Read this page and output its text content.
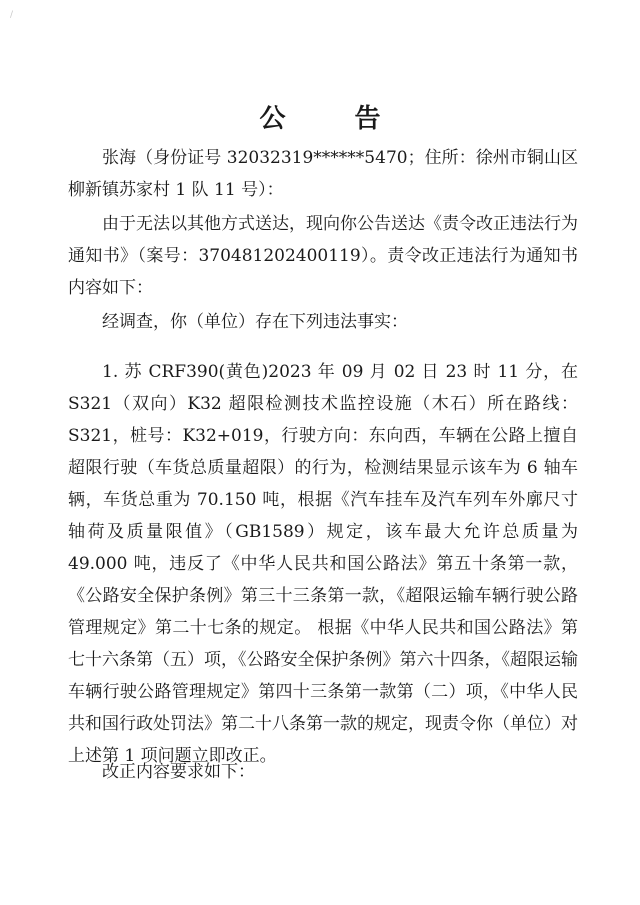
∕
公 告

张海（身份证号 32032319******5470；住所：徐州市铜山区柳新镇苏家村 1 队 11 号）：

由于无法以其他方式送达，现向你公告送达《责令改正违法行为通知书》（案号：370481202400119）。责令改正违法行为通知书内容如下：

经调查，你（单位）存在下列违法事实：

1. 苏 CRF390(黄色)2023 年 09 月 02 日 23 时 11 分，在 S321（双向）K32 超限检测技术监控设施（木石）所在路线：S321，桩号：K32+019，行驶方向：东向西，车辆在公路上擅自超限行驶（车货总质量超限）的行为，检测结果显示该车为 6 轴车辆，车货总重为 70.150 吨，根据《汽车挂车及汽车列车外廓尺寸轴荷及质量限值》（GB1589）规定，该车最大允许总质量为 49.000 吨，违反了《中华人民共和国公路法》第五十条第一款，《公路安全保护条例》第三十三条第一款，《超限运输车辆行驶公路管理规定》第二十七条的规定。 根据《中华人民共和国公路法》第七十六条第（五）项，《公路安全保护条例》第六十四条，《超限运输车辆行驶公路管理规定》第四十三条第一款第（二）项，《中华人民共和国行政处罚法》第二十八条第一款的规定，现责令你（单位）对上述第 1 项问题立即改正。

改正内容要求如下：
